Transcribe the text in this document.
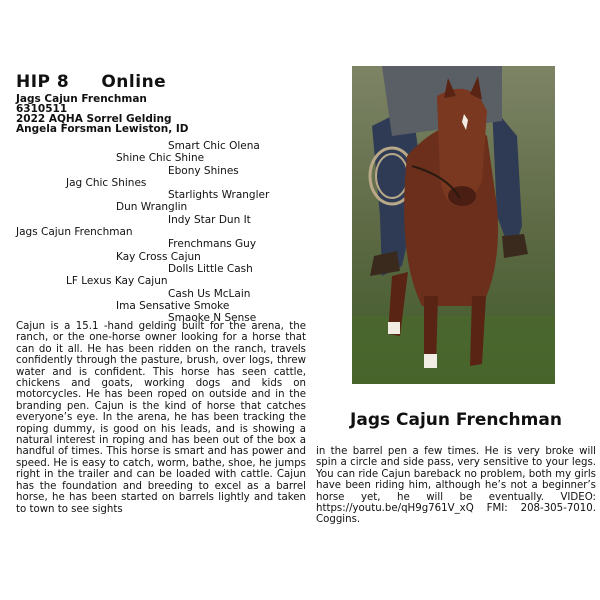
HIP 8 Online
Jags Cajun Frenchman
6310511
2022 AQHA Sorrel Gelding
Angela Forsman Lewiston, ID
Smart Chic Olena
Shine Chic Shine
Ebony Shines
Jag Chic Shines
Starlights Wrangler
Dun Wranglin
Indy Star Dun It
Jags Cajun Frenchman
Frenchmans Guy
Kay Cross Cajun
Dolls Little Cash
LF Lexus Kay Cajun
Cash Us McLain
Ima Sensative Smoke
Smaoke N Sense
Cajun is a 15.1 -hand gelding built for the arena, the ranch, or the one-horse owner looking for a horse that can do it all. He has been ridden on the ranch, travels confidently through the pasture, brush, over logs, threw water and is confident. This horse has seen cattle, chickens and goats, working dogs and kids on motorcycles. He has been roped on outside and in the branding pen. Cajun is the kind of horse that catches everyone’s eye. In the arena, he has been tracking the roping dummy, is good on his leads, and is showing a natural interest in roping and has been out of the box a handful of times. This horse is smart and has power and speed. He is easy to catch, worm, bathe, shoe, he jumps right in the trailer and can be loaded with cattle. Cajun has the foundation and breeding to excel as a barrel horse, he has been started on barrels lightly and taken to town to see sights
Jags Cajun Frenchman
in the barrel pen a few times. He is very broke will spin a circle and side pass, very sensitive to your legs. You can ride Cajun bareback no problem, both my girls have been riding him, although he’s not a beginner’s horse yet, he will be eventually. VIDEO: https://youtu.be/qH9g761V_xQ FMI: 208-305-7010. Coggins.
